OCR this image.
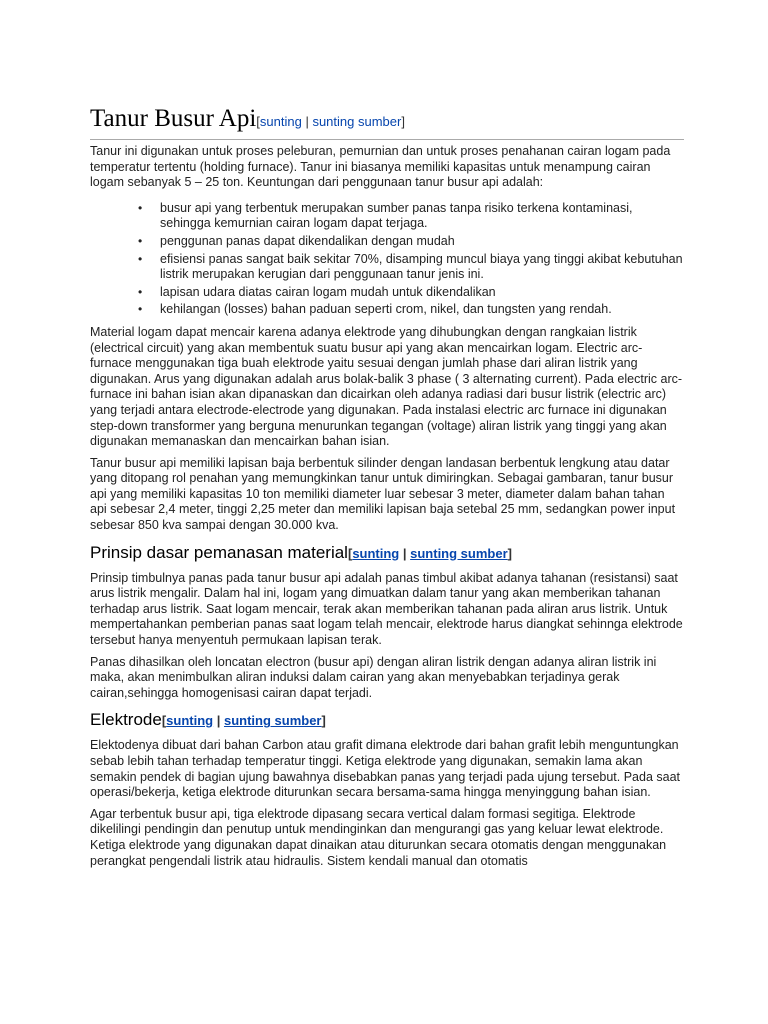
Tanur Busur Api[sunting | sunting sumber]

Tanur ini digunakan untuk proses peleburan, pemurnian dan untuk proses penahanan cairan logam pada temperatur tertentu (holding furnace). Tanur ini biasanya memiliki kapasitas untuk menampung cairan logam sebanyak 5 – 25 ton. Keuntungan dari penggunaan tanur busur api adalah:

• busur api yang terbentuk merupakan sumber panas tanpa risiko terkena kontaminasi, sehingga kemurnian cairan logam dapat terjaga.
• penggunan panas dapat dikendalikan dengan mudah
• efisiensi panas sangat baik sekitar 70%, disamping muncul biaya yang tinggi akibat kebutuhan listrik merupakan kerugian dari penggunaan tanur jenis ini.
• lapisan udara diatas cairan logam mudah untuk dikendalikan
• kehilangan (losses) bahan paduan seperti crom, nikel, dan tungsten yang rendah.

Material logam dapat mencair karena adanya elektrode yang dihubungkan dengan rangkaian listrik (electrical circuit) yang akan membentuk suatu busur api yang akan mencairkan logam. Electric arc-furnace menggunakan tiga buah elektrode yaitu sesuai dengan jumlah phase dari aliran listrik yang digunakan. Arus yang digunakan adalah arus bolak-balik 3 phase ( 3 alternating current). Pada electric arc-furnace ini bahan isian akan dipanaskan dan dicairkan oleh adanya radiasi dari busur listrik (electric arc) yang terjadi antara electrode-electrode yang digunakan. Pada instalasi electric arc furnace ini digunakan step-down transformer yang berguna menurunkan tegangan (voltage) aliran listrik yang tinggi yang akan digunakan memanaskan dan mencairkan bahan isian.

Tanur busur api memiliki lapisan baja berbentuk silinder dengan landasan berbentuk lengkung atau datar yang ditopang rol penahan yang memungkinkan tanur untuk dimiringkan. Sebagai gambaran, tanur busur api yang memiliki kapasitas 10 ton memiliki diameter luar sebesar 3 meter, diameter dalam bahan tahan api sebesar 2,4 meter, tinggi 2,25 meter dan memiliki lapisan baja setebal 25 mm, sedangkan power input sebesar 850 kva sampai dengan 30.000 kva.

Prinsip dasar pemanasan material[sunting | sunting sumber]

Prinsip timbulnya panas pada tanur busur api adalah panas timbul akibat adanya tahanan (resistansi) saat arus listrik mengalir. Dalam hal ini, logam yang dimuatkan dalam tanur yang akan memberikan tahanan terhadap arus listrik. Saat logam mencair, terak akan memberikan tahanan pada aliran arus listrik. Untuk mempertahankan pemberian panas saat logam telah mencair, elektrode harus diangkat sehinnga elektrode tersebut hanya menyentuh permukaan lapisan terak.

Panas dihasilkan oleh loncatan electron (busur api) dengan aliran listrik dengan adanya aliran listrik ini maka, akan menimbulkan aliran induksi dalam cairan yang akan menyebabkan terjadinya gerak cairan,sehingga homogenisasi cairan dapat terjadi.

Elektrode[sunting | sunting sumber]

Elektodenya dibuat dari bahan Carbon atau grafit dimana elektrode dari bahan grafit lebih menguntungkan sebab lebih tahan terhadap temperatur tinggi. Ketiga elektrode yang digunakan, semakin lama akan semakin pendek di bagian ujung bawahnya disebabkan panas yang terjadi pada ujung tersebut. Pada saat operasi/bekerja, ketiga elektrode diturunkan secara bersama-sama hingga menyinggung bahan isian.

Agar terbentuk busur api, tiga elektrode dipasang secara vertical dalam formasi segitiga. Elektrode dikelilingi pendingin dan penutup untuk mendinginkan dan mengurangi gas yang keluar lewat elektrode. Ketiga elektrode yang digunakan dapat dinaikan atau diturunkan secara otomatis dengan menggunakan perangkat pengendali listrik atau hidraulis. Sistem kendali manual dan otomatis
